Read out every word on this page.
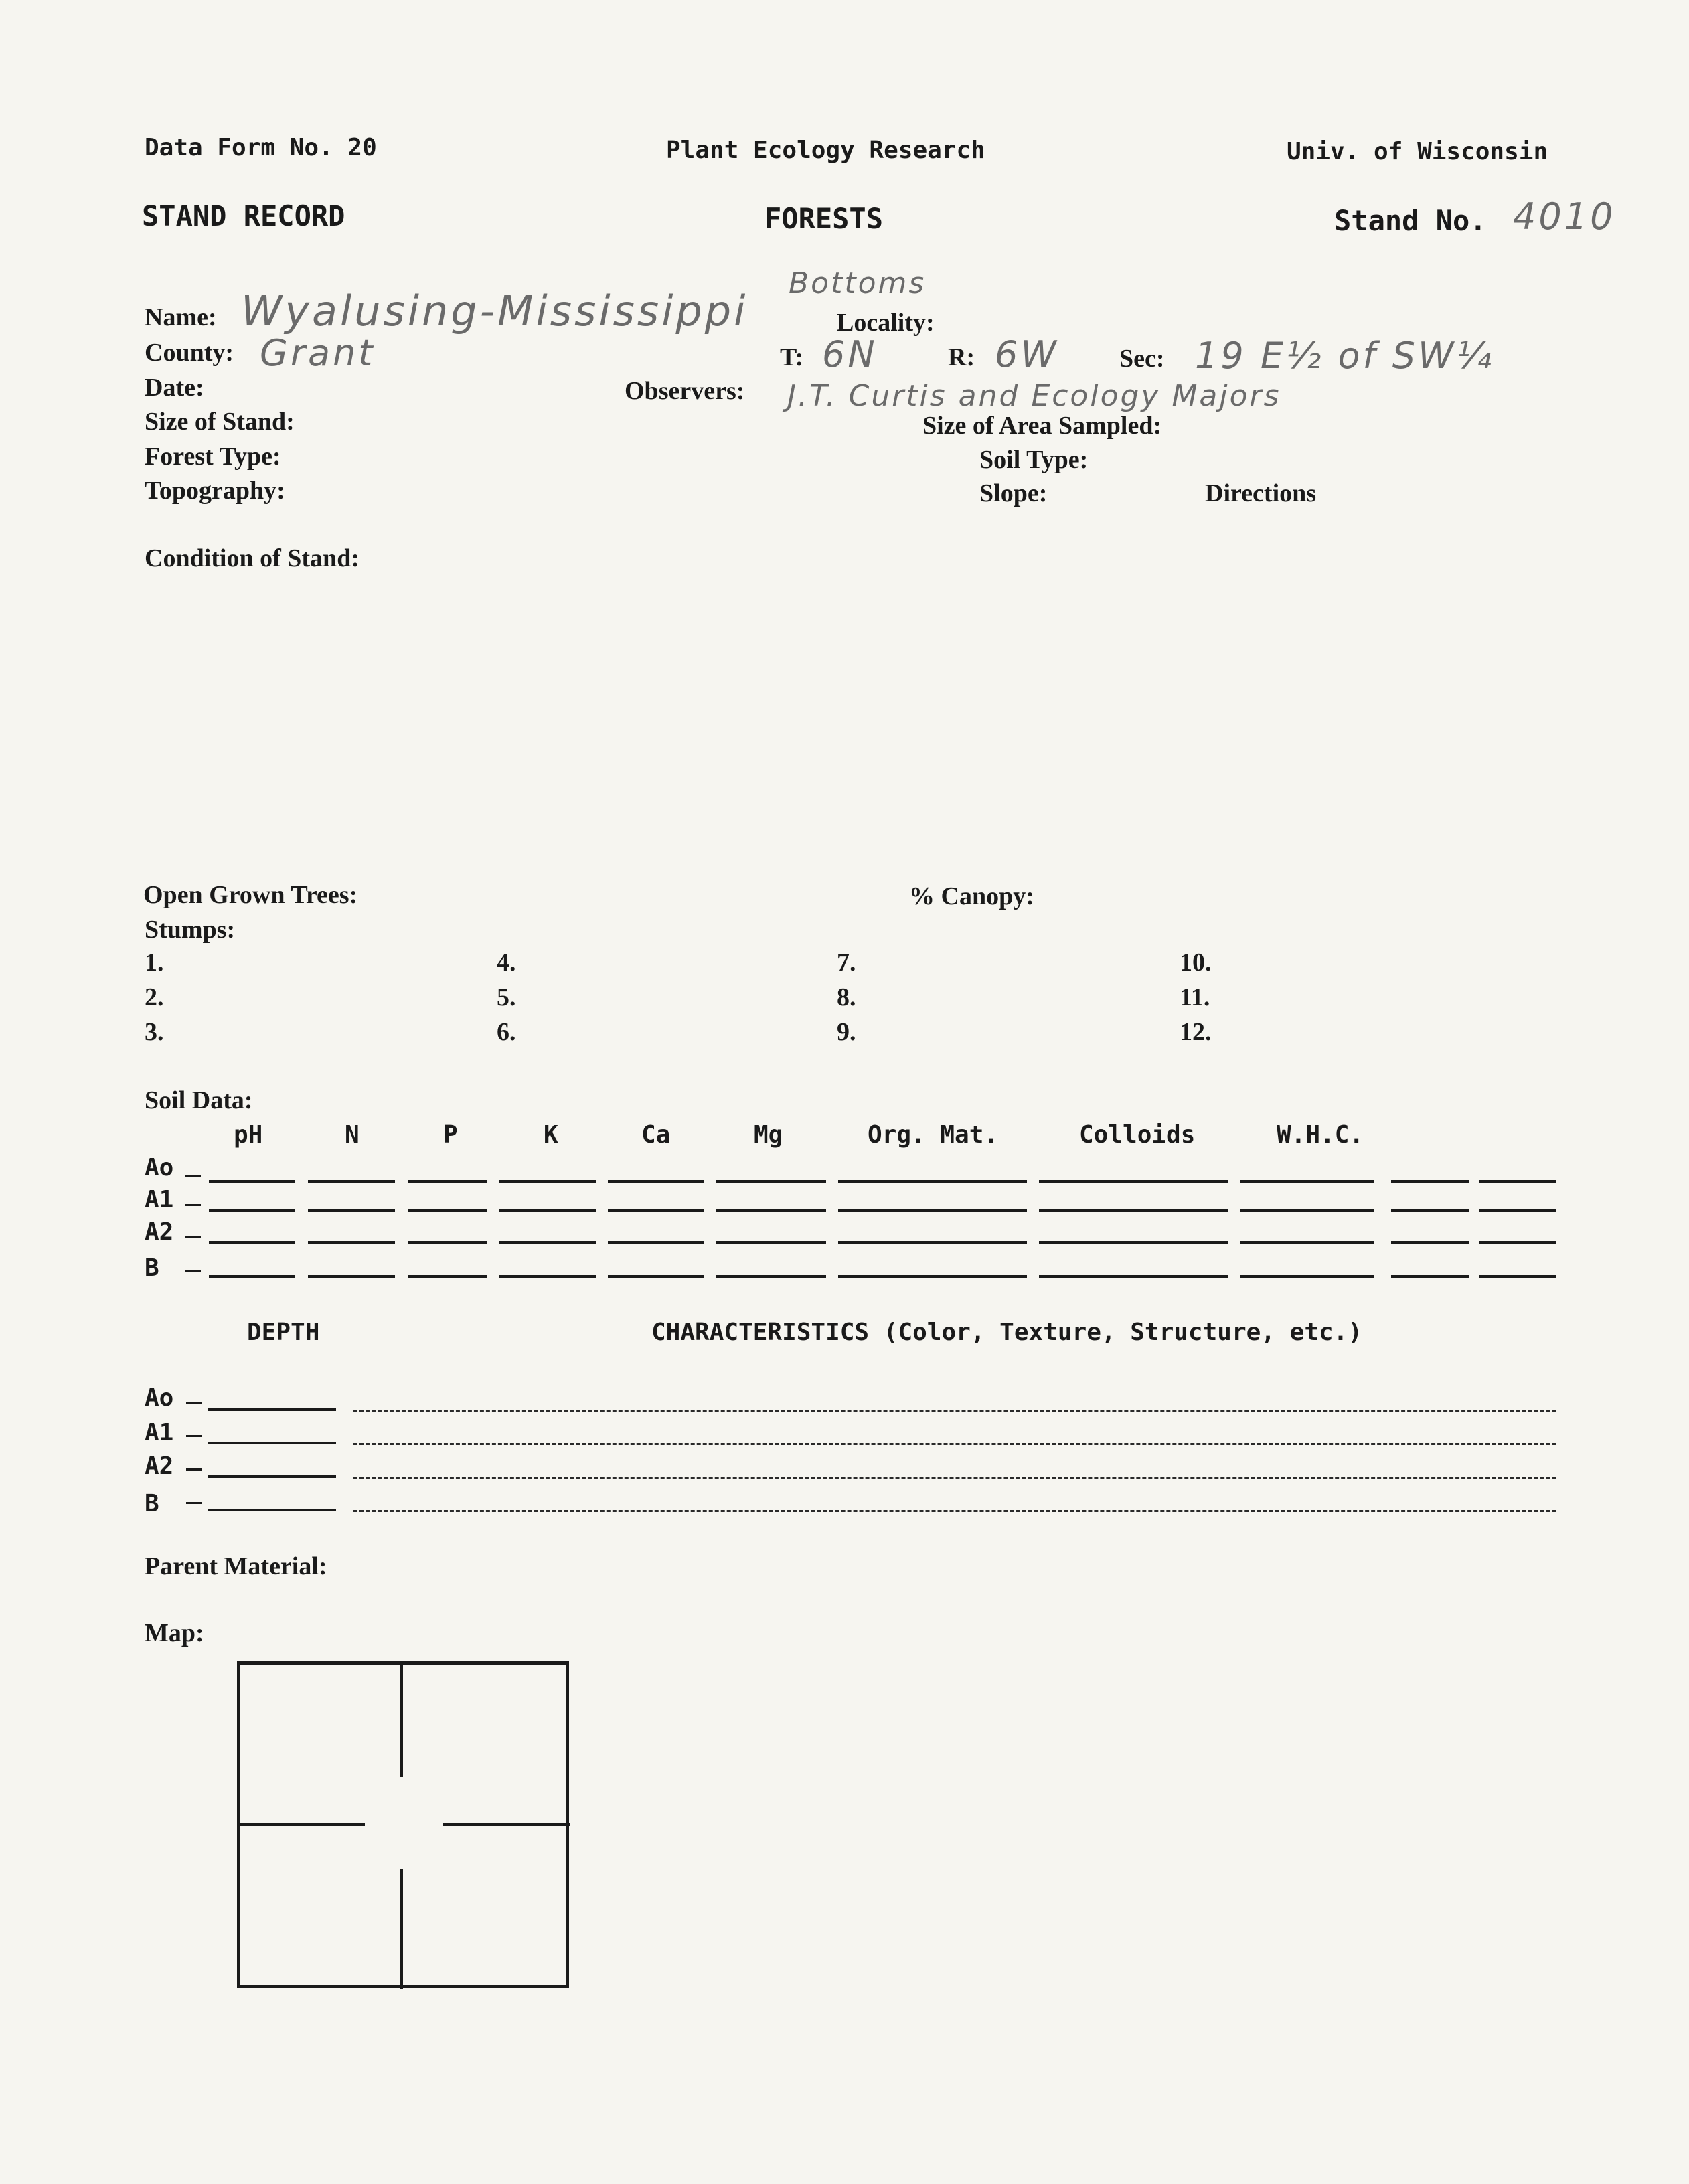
Data Form No. 20	Plant Ecology Research	Univ. of Wisconsin
STAND RECORD	FORESTS	Stand No. 4010
Name: Wyalusing-Mississippi
Bottoms
County: Grant
Date:
Size of Stand:
Forest Type:
Topography:
Locality:
T: 6N	R: 6W Sec: 19 E½ of SW¼
Observers: J.T. Curtis and Ecology Majors
Size of Area Sampled:
Soil Type:
Slope:	Directions
Condition of Stand:
Open Grown Trees:	% Canopy:
Stumps:
1.
2.
3.
4.
5.
6.
7.
8.
9.
10.
11.
12.
Soil Data:
pH	N	P	K	Ca	Mg	Org. Mat.	Colloids	W.H.C.
Ao
A1
A2
B
DEPTH	CHARACTERISTICS (Color, Texture, Structure, etc.)
Ao
A1
A2
B
Parent Material:
Map:
